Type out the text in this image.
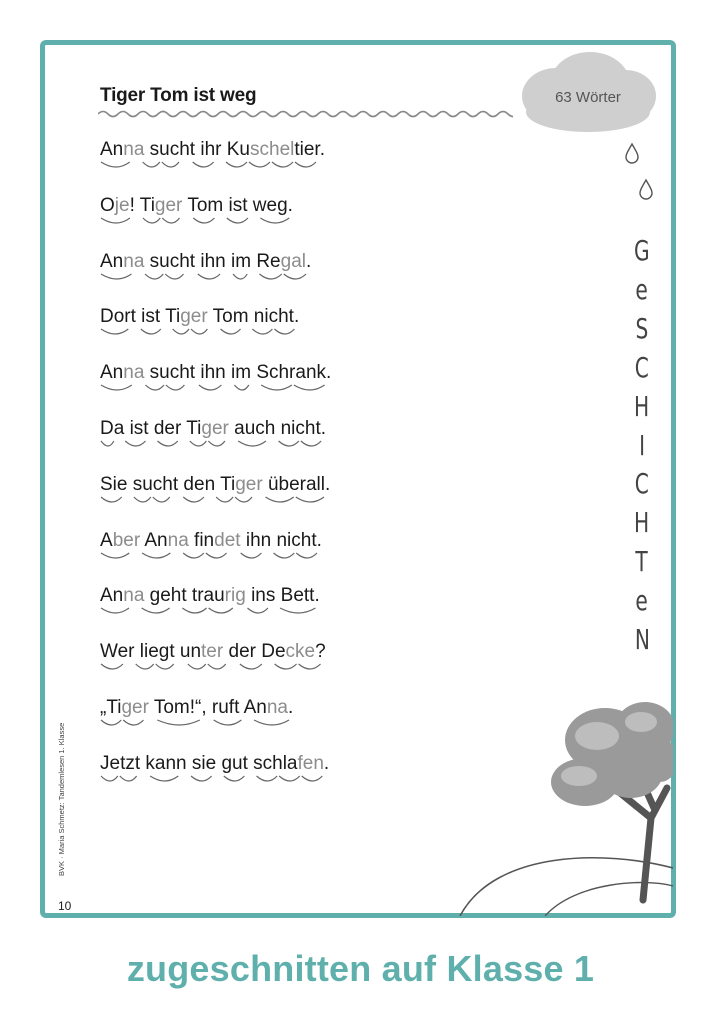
Tiger Tom ist weg	63 Wörter
Anna sucht ihr Kuscheltier.
Oje! Tiger Tom ist weg.
Anna sucht ihn im Regal.
Dort ist Tiger Tom nicht.
Anna sucht ihn im Schrank.
Da ist der Tiger auch nicht.
Sie sucht den Tiger überall.
Aber Anna findet ihn nicht.
Anna geht traurig ins Bett.
Wer liegt unter der Decke?
„Tiger Tom!“, ruft Anna.
Jetzt kann sie gut schlafen.
G
e
S
C
H
I
C
H
T
e
N
BVK · Maria Schmetz: Tandemlesen 1. Klasse
10
zugeschnitten auf Klasse 1
